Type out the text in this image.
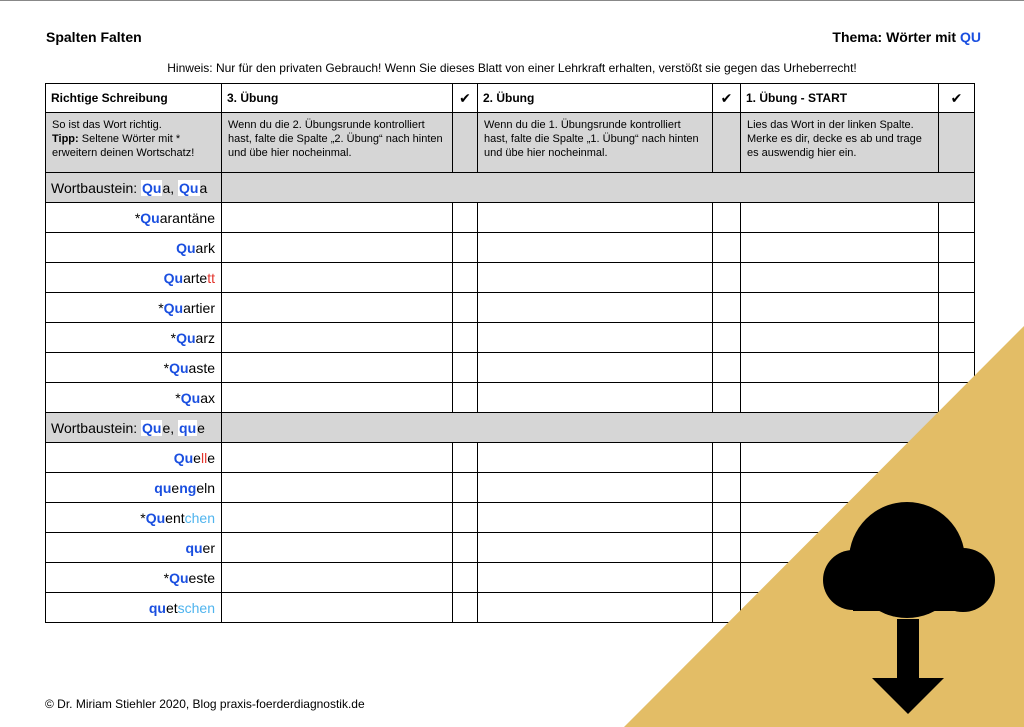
Spalten Falten	Thema: Wörter mit QU
Hinweis: Nur für den privaten Gebrauch! Wenn Sie dieses Blatt von einer Lehrkraft erhalten, verstößt sie gegen das Urheberrecht!
Richtige Schreibung	3. Übung	✔	2. Übung	✔	1. Übung - START	✔
So ist das Wort richtig.
Tipp: Seltene Wörter mit * erweitern deinen Wortschatz!	Wenn du die 2. Übungsrunde kontrolliert hast, falte die Spalte „2. Übung“ nach hinten und übe hier nocheinmal.		Wenn du die 1. Übungsrunde kontrolliert hast, falte die Spalte „1. Übung“ nach hinten und übe hier nocheinmal.		Lies das Wort in der linken Spalte. Merke es dir, decke es ab und trage es auswendig hier ein.	
Wortbaustein: Qua, Qua						
*Quarantäne						
Quark						
Quartett						
*Quartier						
*Quarz						
*Quaste						
*Quax						
Wortbaustein: Que, que						
Quelle						
quengeln						
*Quentchen						
quer						
*Queste						
quetschen						
© Dr. Miriam Stiehler 2020, Blog praxis-foerderdiagnostik.de
